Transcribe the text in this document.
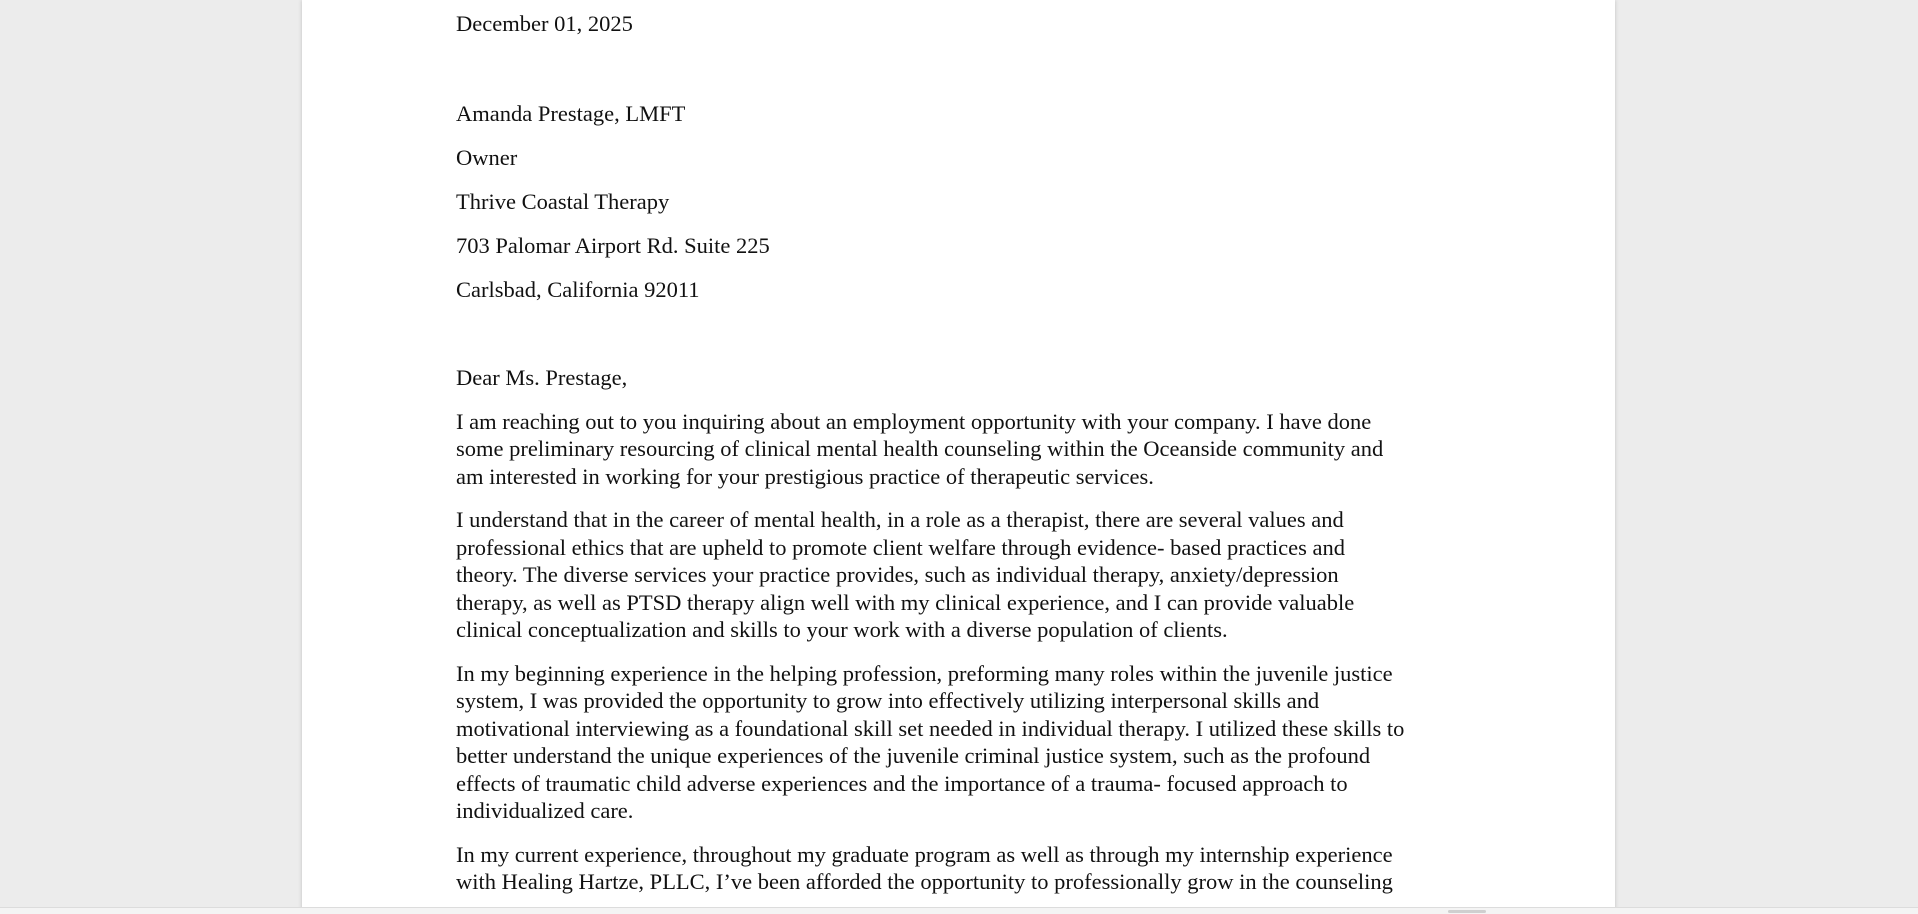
December 01, 2025

Amanda Prestage, LMFT

Owner

Thrive Coastal Therapy

703 Palomar Airport Rd. Suite 225

Carlsbad, California 92011

Dear Ms. Prestage,

I am reaching out to you inquiring about an employment opportunity with your company. I have done
some preliminary resourcing of clinical mental health counseling within the Oceanside community and
am interested in working for your prestigious practice of therapeutic services.
I understand that in the career of mental health, in a role as a therapist, there are several values and
professional ethics that are upheld to promote client welfare through evidence- based practices and
theory. The diverse services your practice provides, such as individual therapy, anxiety/depression
therapy, as well as PTSD therapy align well with my clinical experience, and I can provide valuable
clinical conceptualization and skills to your work with a diverse population of clients.
In my beginning experience in the helping profession, preforming many roles within the juvenile justice
system, I was provided the opportunity to grow into effectively utilizing interpersonal skills and
motivational interviewing as a foundational skill set needed in individual therapy. I utilized these skills to
better understand the unique experiences of the juvenile criminal justice system, such as the profound
effects of traumatic child adverse experiences and the importance of a trauma- focused approach to
individualized care.
In my current experience, throughout my graduate program as well as through my internship experience
with Healing Hartze, PLLC, I’ve been afforded the opportunity to professionally grow in the counseling
